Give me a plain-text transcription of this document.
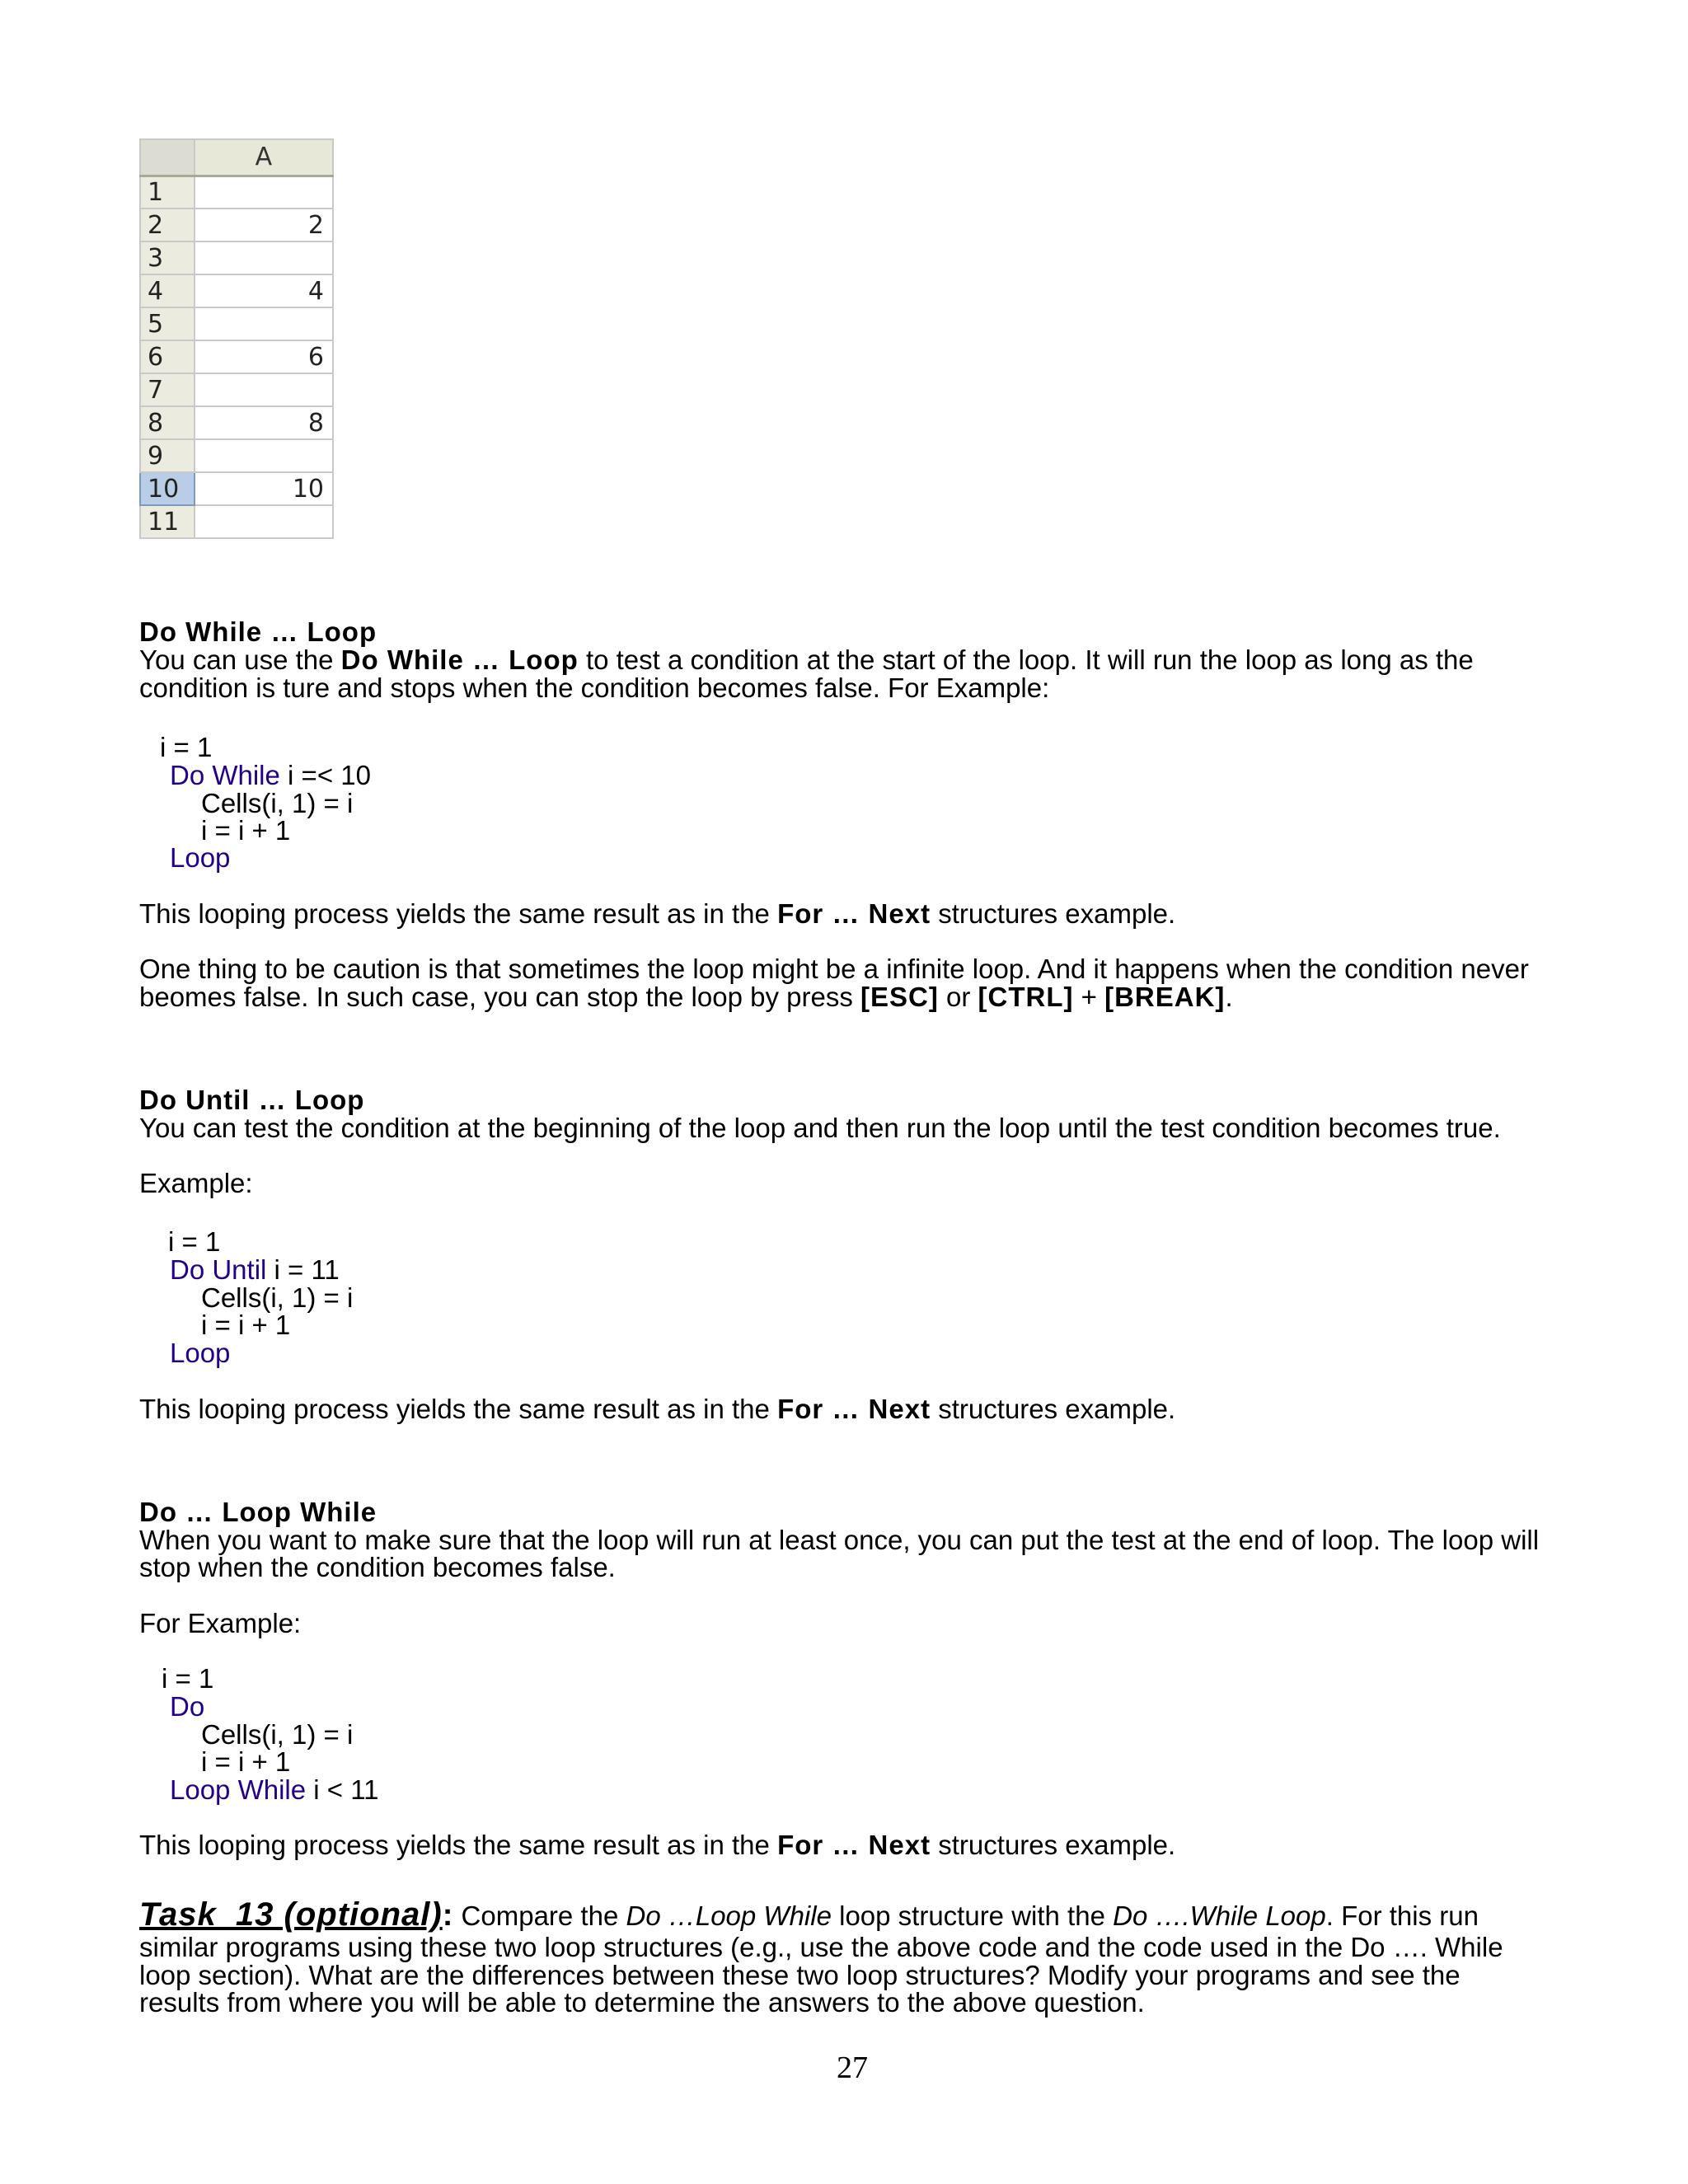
	A
1	
2	2
3	
4	4
5	
6	6
7	
8	8
9	
10	10
11	
Do While … Loop
You can use the Do While … Loop to test a condition at the start of the loop. It will run the loop as long as the
condition is ture and stops when the condition becomes false. For Example:
i = 1
Do While i =< 10
Cells(i, 1) = i
i = i + 1
Loop
This looping process yields the same result as in the For … Next structures example.
One thing to be caution is that sometimes the loop might be a infinite loop. And it happens when the condition never
beomes false. In such case, you can stop the loop by press [ESC] or [CTRL] + [BREAK].
Do Until … Loop
You can test the condition at the beginning of the loop and then run the loop until the test condition becomes true.
Example:
i = 1
Do Until i = 11
Cells(i, 1) = i
i = i + 1
Loop
This looping process yields the same result as in the For … Next structures example.
Do … Loop While
When you want to make sure that the loop will run at least once, you can put the test at the end of loop. The loop will
stop when the condition becomes false.
For Example:
i = 1
Do
Cells(i, 1) = i
i = i + 1
Loop While i < 11
This looping process yields the same result as in the For … Next structures example.
Task_13 (optional): Compare the Do …Loop While loop structure with the Do ….While Loop. For this run
similar programs using these two loop structures (e.g., use the above code and the code used in the Do …. While
loop section). What are the differences between these two loop structures? Modify your programs and see the
results from where you will be able to determine the answers to the above question.
27
